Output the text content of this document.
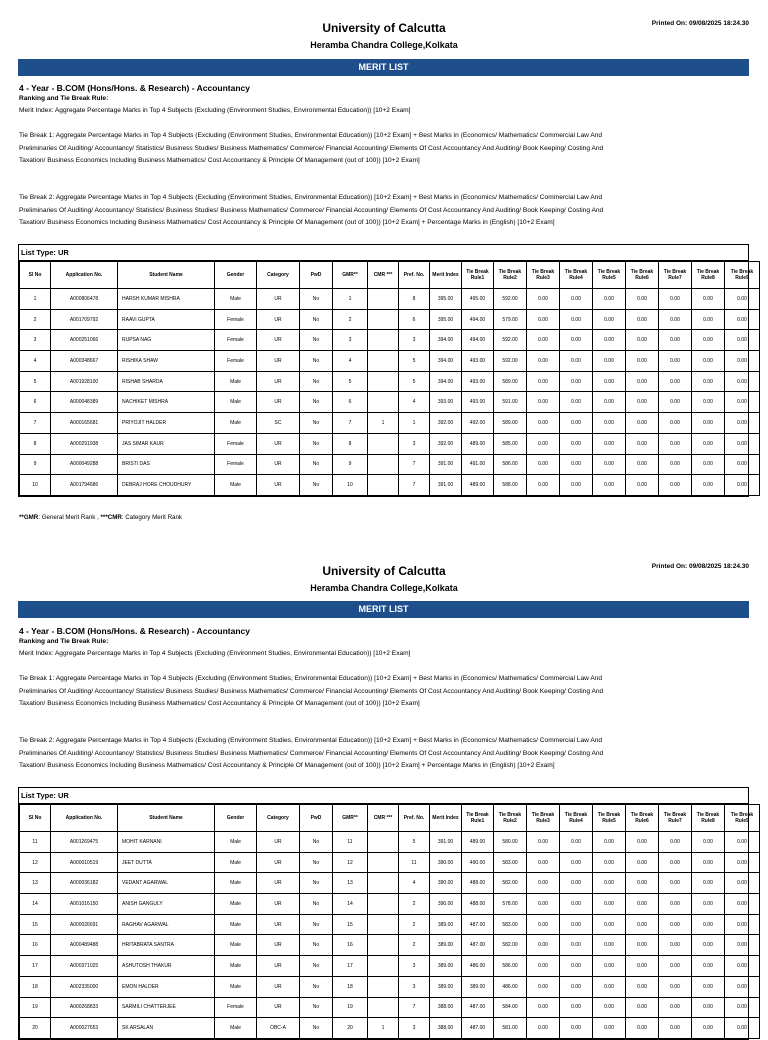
Printed On: 09/08/2025 18:24.30
University of Calcutta
Heramba Chandra College,Kolkata
MERIT LIST
4 - Year - B.COM (Hons/Hons. & Research) - Accountancy
Ranking and Tie Break Rule:
Merit Index: Aggregate Percentage Marks in Top 4 Subjects (Excluding (Environment Studies, Environmental Education)) [10+2 Exam]
Tie Break 1: Aggregate Percentage Marks in Top 4 Subjects (Excluding (Environment Studies, Environmental Education)) [10+2 Exam] + Best Marks in (Economics/ Mathematics/ Commercial Law And Preliminaries Of Auditing/ Accountancy/ Statistics/ Business Studies/ Business Mathematics/ Commerce/ Financial Accounting/ Elements Of Cost Accountancy And Auditing/ Book Keeping/ Costing And Taxation/ Business Economics Including Business Mathematics/ Cost Accountancy & Principle Of Management (out of 100)) [10+2 Exam]
Tie Break 2: Aggregate Percentage Marks in Top 4 Subjects (Excluding (Environment Studies, Environmental Education)) [10+2 Exam] + Best Marks in (Economics/ Mathematics/ Commercial Law And Preliminaries Of Auditing/ Accountancy/ Statistics/ Business Studies/ Business Mathematics/ Commerce/ Financial Accounting/ Elements Of Cost Accountancy And Auditing/ Book Keeping/ Costing And Taxation/ Business Economics Including Business Mathematics/ Cost Accountancy & Principle Of Management (out of 100)) [10+2 Exam] + Percentage Marks in (English) [10+2 Exam]
List Type: UR
Sl No	Application No.	Student Name	Gender	Category	PwD	GMR**	CMR ***	Pref. No.	Merit Index	Tie Break Rule1	Tie Break Rule2	Tie Break Rule3	Tie Break Rule4	Tie Break Rule5	Tie Break Rule6	Tie Break Rule7	Tie Break Rule8	Tie Break Rule9
1	A000806478	HARSH KUMAR MISHRA	Male	UR	No	1		8	395.00	495.00	592.00	0.00	0.00	0.00	0.00	0.00	0.00	0.00
2	A001709792	RAAVI GUPTA	Female	UR	No	2		6	395.00	494.00	579.00	0.00	0.00	0.00	0.00	0.00	0.00	0.00
3	A000251066	RUPSA NAG	Female	UR	No	3		3	394.00	494.00	592.00	0.00	0.00	0.00	0.00	0.00	0.00	0.00
4	A000348667	RISHIKA SHAW	Female	UR	No	4		5	394.00	493.00	592.00	0.00	0.00	0.00	0.00	0.00	0.00	0.00
5	A001928100	RISHAB SHARDA	Male	UR	No	5		5	394.00	493.00	589.00	0.00	0.00	0.00	0.00	0.00	0.00	0.00
6	A000048389	NACHIKET MISHRA	Male	UR	No	6		4	393.00	493.00	591.00	0.00	0.00	0.00	0.00	0.00	0.00	0.00
7	A000165681	PRIYOJIT HALDER	Male	SC	No	7	1	1	392.00	492.00	589.00	0.00	0.00	0.00	0.00	0.00	0.00	0.00
8	A000291938	JAS SIMAR KAUR	Female	UR	No	8		3	392.00	489.00	585.00	0.00	0.00	0.00	0.00	0.00	0.00	0.00
9	A000049288	BRISTI DAS	Female	UR	No	9		7	391.00	491.00	586.00	0.00	0.00	0.00	0.00	0.00	0.00	0.00
10	A001794686	DEBRAJ HORE CHOUDHURY	Male	UR	No	10		7	391.00	489.00	588.00	0.00	0.00	0.00	0.00	0.00	0.00	0.00
**GMR: General Merit Rank , ***CMR: Category Merit Rank
Printed On: 09/08/2025 18:24.30
University of Calcutta
Heramba Chandra College,Kolkata
MERIT LIST
4 - Year - B.COM (Hons/Hons. & Research) - Accountancy
Ranking and Tie Break Rule:
Merit Index: Aggregate Percentage Marks in Top 4 Subjects (Excluding (Environment Studies, Environmental Education)) [10+2 Exam]
Tie Break 1: Aggregate Percentage Marks in Top 4 Subjects (Excluding (Environment Studies, Environmental Education)) [10+2 Exam] + Best Marks in (Economics/ Mathematics/ Commercial Law And Preliminaries Of Auditing/ Accountancy/ Statistics/ Business Studies/ Business Mathematics/ Commerce/ Financial Accounting/ Elements Of Cost Accountancy And Auditing/ Book Keeping/ Costing And Taxation/ Business Economics Including Business Mathematics/ Cost Accountancy & Principle Of Management (out of 100)) [10+2 Exam]
Tie Break 2: Aggregate Percentage Marks in Top 4 Subjects (Excluding (Environment Studies, Environmental Education)) [10+2 Exam] + Best Marks in (Economics/ Mathematics/ Commercial Law And Preliminaries Of Auditing/ Accountancy/ Statistics/ Business Studies/ Business Mathematics/ Commerce/ Financial Accounting/ Elements Of Cost Accountancy And Auditing/ Book Keeping/ Costing And Taxation/ Business Economics Including Business Mathematics/ Cost Accountancy & Principle Of Management (out of 100)) [10+2 Exam] + Percentage Marks in (English) [10+2 Exam]
List Type: UR
Sl No	Application No.	Student Name	Gender	Category	PwD	GMR**	CMR ***	Pref. No.	Merit Index	Tie Break Rule1	Tie Break Rule2	Tie Break Rule3	Tie Break Rule4	Tie Break Rule5	Tie Break Rule6	Tie Break Rule7	Tie Break Rule8	Tie Break Rule9
11	A001269475	MOHIT KARNANI	Male	UR	No	11		5	391.00	489.00	580.00	0.00	0.00	0.00	0.00	0.00	0.00	0.00
12	A000010519	JEET DUTTA	Male	UR	No	12		11	390.00	490.00	583.00	0.00	0.00	0.00	0.00	0.00	0.00	0.00
13	A000036182	VEDANT AGARWAL	Male	UR	No	13		4	390.00	488.00	582.00	0.00	0.00	0.00	0.00	0.00	0.00	0.00
14	A001016150	ANISH GANGULY	Male	UR	No	14		2	390.00	488.00	578.00	0.00	0.00	0.00	0.00	0.00	0.00	0.00
15	A000026691	RAGHAV AGARWAL	Male	UR	No	15		2	389.00	487.00	583.00	0.00	0.00	0.00	0.00	0.00	0.00	0.00
16	A000489488	HRITABRATA SANTRA	Male	UR	No	16		2	389.00	487.00	582.00	0.00	0.00	0.00	0.00	0.00	0.00	0.00
17	A000371025	ASHUTOSH THAKUR	Male	UR	No	17		3	389.00	486.00	586.00	0.00	0.00	0.00	0.00	0.00	0.00	0.00
18	A002335000	EMON HALDER	Male	UR	No	18		3	389.00	389.00	486.00	0.00	0.00	0.00	0.00	0.00	0.00	0.00
19	A000268833	SARMILI CHATTERJEE	Female	UR	No	19		7	388.00	487.00	584.00	0.00	0.00	0.00	0.00	0.00	0.00	0.00
20	A000027653	SK ARSALAN	Male	OBC-A	No	20	1	3	388.00	487.00	581.00	0.00	0.00	0.00	0.00	0.00	0.00	0.00
